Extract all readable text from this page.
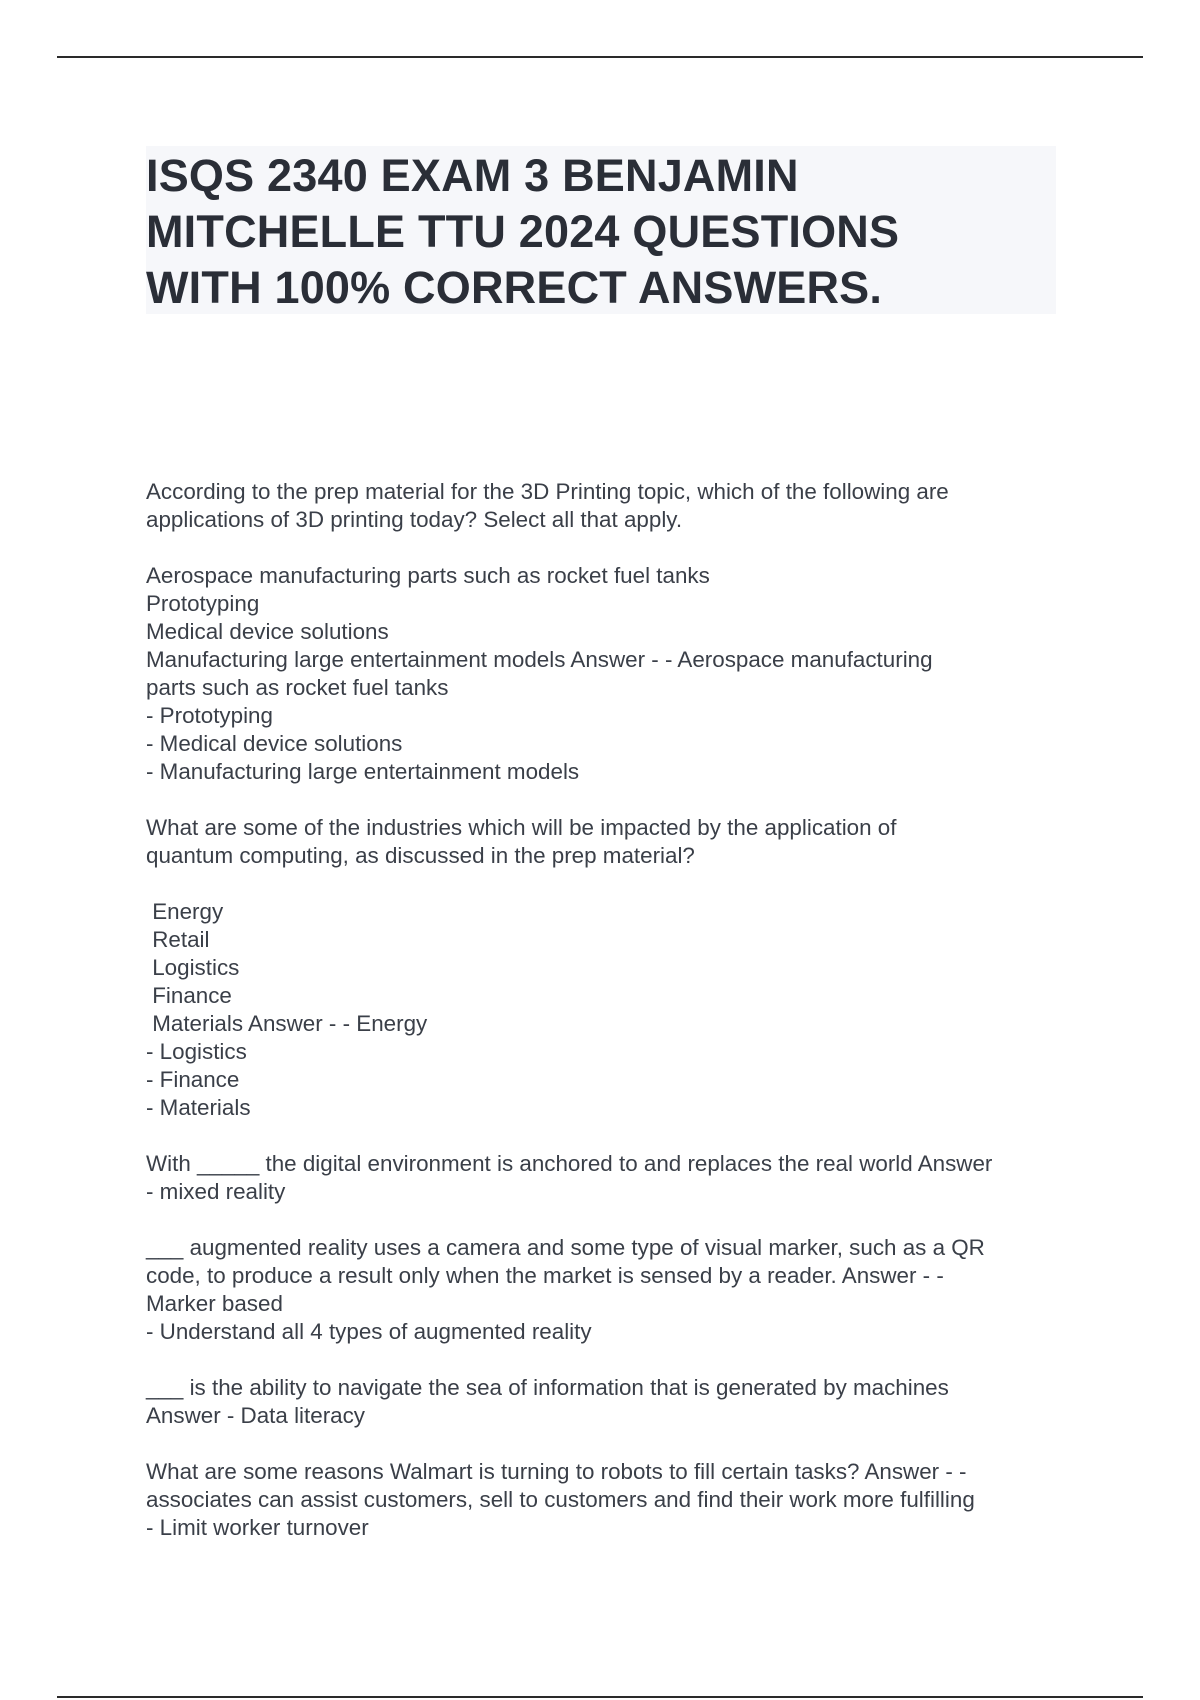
ISQS 2340 EXAM 3 BENJAMIN
MITCHELLE TTU 2024 QUESTIONS
WITH 100% CORRECT ANSWERS.

According to the prep material for the 3D Printing topic, which of the following are
applications of 3D printing today? Select all that apply.

Aerospace manufacturing parts such as rocket fuel tanks
Prototyping
Medical device solutions
Manufacturing large entertainment models Answer - - Aerospace manufacturing
parts such as rocket fuel tanks
- Prototyping
- Medical device solutions
- Manufacturing large entertainment models

What are some of the industries which will be impacted by the application of
quantum computing, as discussed in the prep material?

Energy
Retail
Logistics
Finance
Materials Answer - - Energy
- Logistics
- Finance
- Materials

With _____ the digital environment is anchored to and replaces the real world Answer
- mixed reality

___ augmented reality uses a camera and some type of visual marker, such as a QR
code, to produce a result only when the market is sensed by a reader. Answer - -
Marker based
- Understand all 4 types of augmented reality

___ is the ability to navigate the sea of information that is generated by machines
Answer - Data literacy

What are some reasons Walmart is turning to robots to fill certain tasks? Answer - -
associates can assist customers, sell to customers and find their work more fulfilling
- Limit worker turnover
